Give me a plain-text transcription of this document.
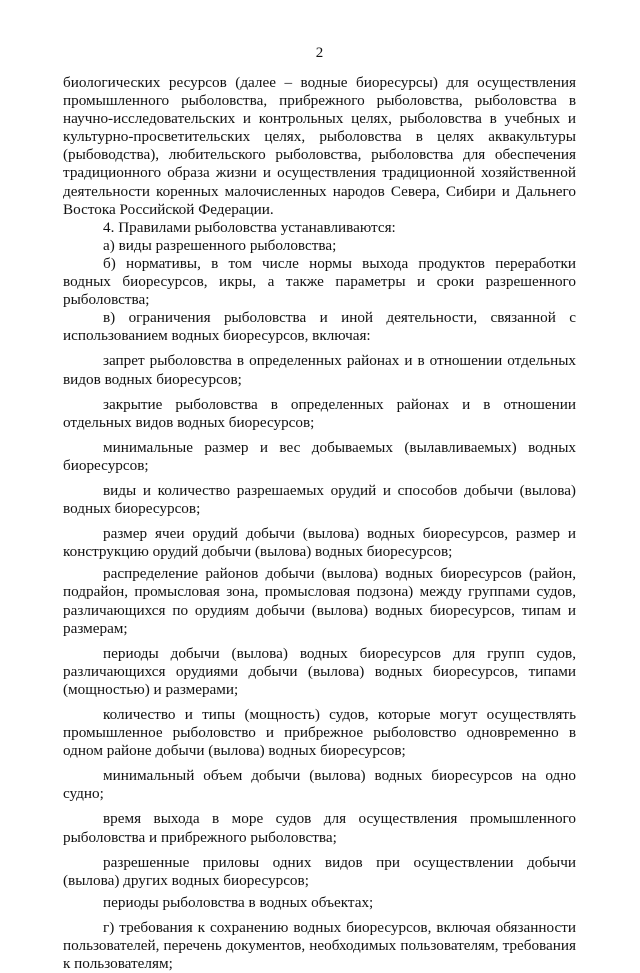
2

биологических ресурсов (далее – водные биоресурсы) для осуществления промышленного рыболовства, прибрежного рыболовства, рыболовства в научно-исследовательских и контрольных целях, рыболовства в учебных и культурно-просветительских целях, рыболовства в целях аквакультуры (рыбоводства), любительского рыболовства, рыболовства для обеспечения традиционного образа жизни и осуществления традиционной хозяйственной деятельности коренных малочисленных народов Севера, Сибири и Дальнего Востока Российской Федерации.

4. Правилами рыболовства устанавливаются:

а) виды разрешенного рыболовства;

б) нормативы, в том числе нормы выхода продуктов переработки водных биоресурсов, икры, а также параметры и сроки разрешенного рыболовства;

в) ограничения рыболовства и иной деятельности, связанной с использованием водных биоресурсов, включая:

запрет рыболовства в определенных районах и в отношении отдельных видов водных биоресурсов;

закрытие рыболовства в определенных районах и в отношении отдельных видов водных биоресурсов;

минимальные размер и вес добываемых (вылавливаемых) водных биоресурсов;

виды и количество разрешаемых орудий и способов добычи (вылова) водных биоресурсов;

размер ячеи орудий добычи (вылова) водных биоресурсов, размер и конструкцию орудий добычи (вылова) водных биоресурсов;

распределение районов добычи (вылова) водных биоресурсов (район, подрайон, промысловая зона, промысловая подзона) между группами судов, различающихся по орудиям добычи (вылова) водных биоресурсов, типам и размерам;

периоды добычи (вылова) водных биоресурсов для групп судов, различающихся орудиями добычи (вылова) водных биоресурсов, типами (мощностью) и размерами;

количество и типы (мощность) судов, которые могут осуществлять промышленное рыболовство и прибрежное рыболовство одновременно в одном районе добычи (вылова) водных биоресурсов;

минимальный объем добычи (вылова) водных биоресурсов на одно судно;

время выхода в море судов для осуществления промышленного рыболовства и прибрежного рыболовства;

разрешенные приловы одних видов при осуществлении добычи (вылова) других водных биоресурсов;

периоды рыболовства в водных объектах;

г) требования к сохранению водных биоресурсов, включая обязанности пользователей, перечень документов, необходимых пользователям, требования к пользователям;
